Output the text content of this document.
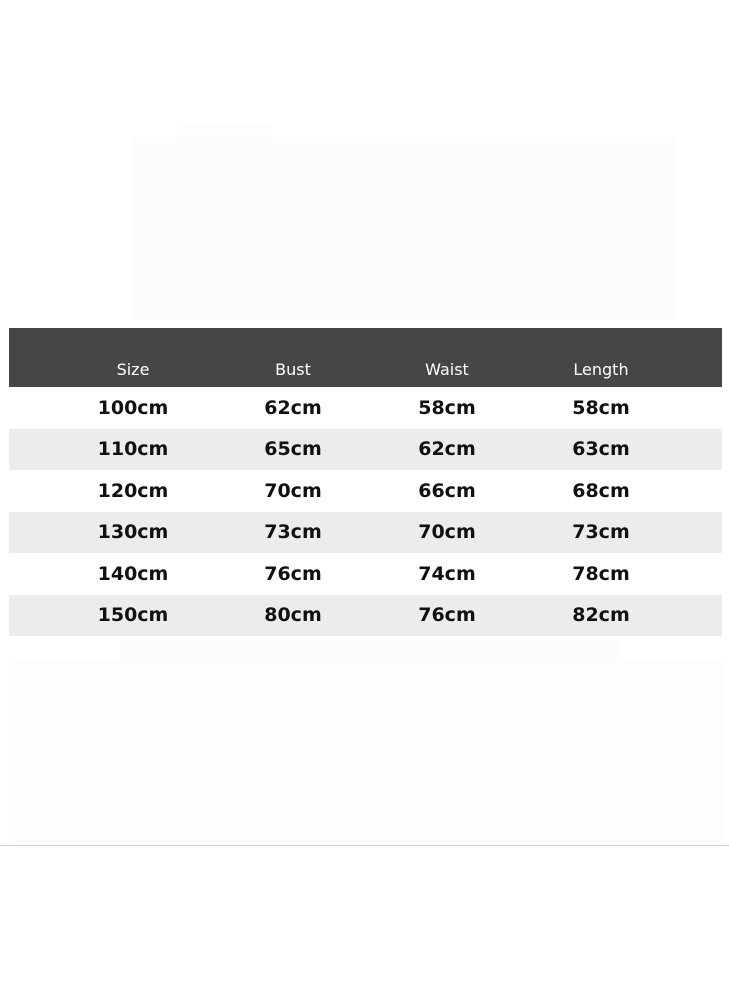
Size	Bust	Waist	Length
100cm	62cm	58cm	58cm
110cm	65cm	62cm	63cm
120cm	70cm	66cm	68cm
130cm	73cm	70cm	73cm
140cm	76cm	74cm	78cm
150cm	80cm	76cm	82cm
